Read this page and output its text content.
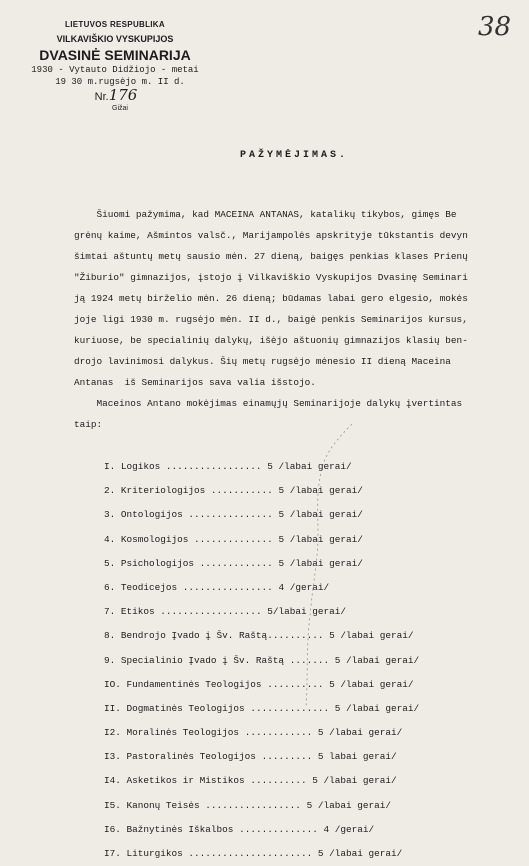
LIETUVOS RESPUBLIKA
VILKAVIŠKIO VYSKUPIJOS
DVASINĖ SEMINARIJA
1930 - Vytauto Didžiojo - metai
19 30 m.rugsėjo m. II d.
Nr.176
Gižai
38
PAŽYMĖJIMAS.
Šiuomi pažymima, kad MACEINA ANTANAS, katalikų tikybos, gimęs Be
grėnų kaime, Ašmintos valsč., Marijampolės apskrityje tūkstantis devyn
šimtai aštuntų metų sausio mėn. 27 dieną, baigęs penkias klases Prienų
"Žiburio" gimnazijos, įstojo į Vilkaviškio Vyskupijos Dvasinę Seminari
ją 1924 metų birželio mėn. 26 dieną; būdamas labai gero elgesio, mokės
joje ligi 1930 m. rugsėjo mėn. II d., baigė penkis Seminarijos kursus,
kuriuose, be specialinių dalykų, išėjo aštuonių gimnazijos klasių ben-
drojo lavinimosi dalykus. Šių metų rugsėjo mėnesio II dieną Maceina
Antanas  iš Seminarijos sava valia išstojo.
Maceinos Antano mokėjimas einamųjų Seminarijoje dalykų įvertintas
taip:
I. Logikos ................. 5 /labai gerai/
2. Kriteriologijos ........... 5 /labai gerai/
3. Ontologijos ............... 5 /labai gerai/
4. Kosmologijos .............. 5 /labai gerai/
5. Psichologijos ............. 5 /labai gerai/
6. Teodicejos ................ 4 /gerai/
7. Etikos .................. 5/labai gerai/
8. Bendrojo Įvado į Šv. Raštą.......... 5 /labai gerai/
9. Specialinio Įvado į Šv. Raštą ....... 5 /labai gerai/
IO. Fundamentinės Teologijos .......... 5 /labai gerai/
II. Dogmatinės Teologijos .............. 5 /labai gerai/
I2. Moralinės Teologijos ............ 5 /labai gerai/
I3. Pastoralinės Teologijos ......... 5 labai gerai/
I4. Asketikos ir Mistikos .......... 5 /labai gerai/
I5. Kanonų Teisės ................. 5 /labai gerai/
I6. Bažnytinės Iškalbos .............. 4 /gerai/
I7. Liturgikos ...................... 5 /labai gerai/
